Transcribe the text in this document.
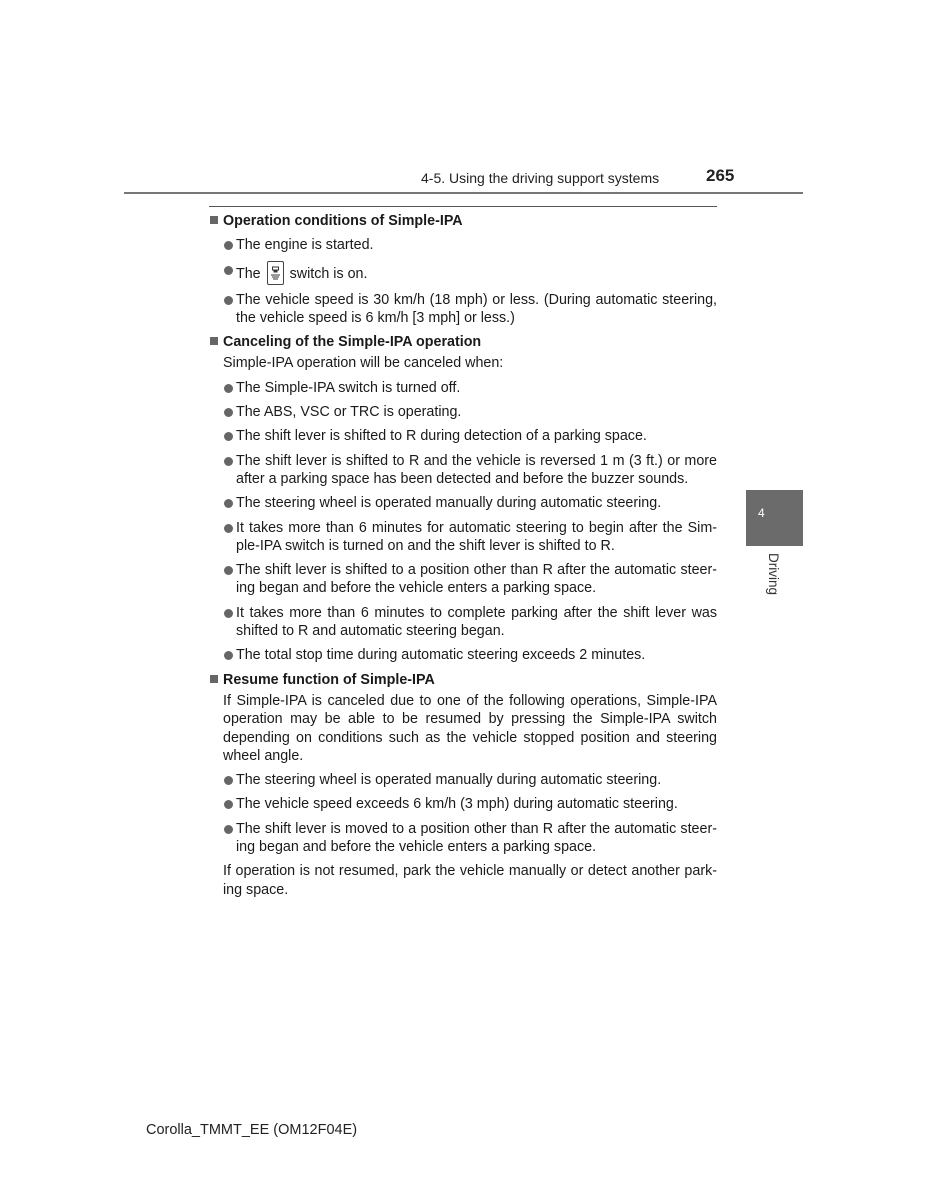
4-5. Using the driving support systems	265
Operation conditions of Simple-IPA
The engine is started.
The switch is on.
The vehicle speed is 30 km/h (18 mph) or less. (During automatic steering, the vehicle speed is 6 km/h [3 mph] or less.)
Canceling of the Simple-IPA operation
Simple-IPA operation will be canceled when:
The Simple-IPA switch is turned off.
The ABS, VSC or TRC is operating.
The shift lever is shifted to R during detection of a parking space.
The shift lever is shifted to R and the vehicle is reversed 1 m (3 ft.) or more after a parking space has been detected and before the buzzer sounds.
The steering wheel is operated manually during automatic steering.
It takes more than 6 minutes for automatic steering to begin after the Simple-IPA switch is turned on and the shift lever is shifted to R.
The shift lever is shifted to a position other than R after the automatic steering began and before the vehicle enters a parking space.
It takes more than 6 minutes to complete parking after the shift lever was shifted to R and automatic steering began.
The total stop time during automatic steering exceeds 2 minutes.
Resume function of Simple-IPA
If Simple-IPA is canceled due to one of the following operations, Simple-IPA operation may be able to be resumed by pressing the Simple-IPA switch depending on conditions such as the vehicle stopped position and steering wheel angle.
The steering wheel is operated manually during automatic steering.
The vehicle speed exceeds 6 km/h (3 mph) during automatic steering.
The shift lever is moved to a position other than R after the automatic steering began and before the vehicle enters a parking space.
If operation is not resumed, park the vehicle manually or detect another parking space.
4
Driving
Corolla_TMMT_EE (OM12F04E)
